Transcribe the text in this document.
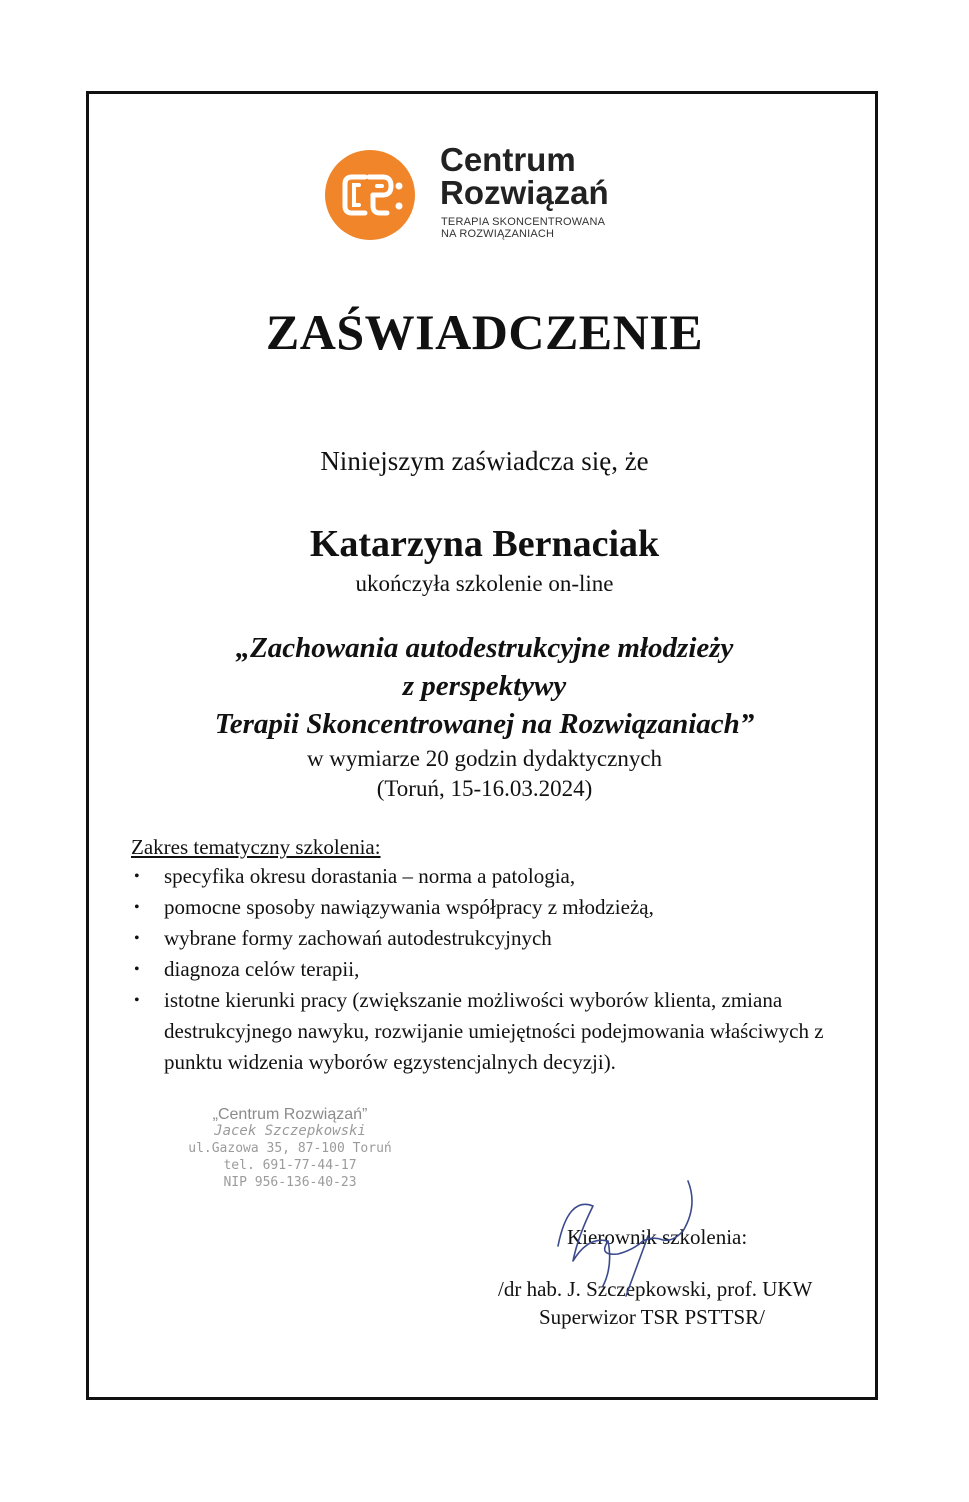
Centrum
Rozwiązań
TERAPIA SKONCENTROWANA
NA ROZWIĄZANIACH
ZAŚWIADCZENIE
Niniejszym zaświadcza się, że
Katarzyna Bernaciak
ukończyła szkolenie on-line
„Zachowania autodestrukcyjne młodzieży
z perspektywy
Terapii Skoncentrowanej na Rozwiązaniach”
w wymiarze 20 godzin dydaktycznych
(Toruń, 15-16.03.2024)
Zakres tematyczny szkolenia:
• specyfika okresu dorastania – norma a patologia,
• pomocne sposoby nawiązywania współpracy z młodzieżą,
• wybrane formy zachowań autodestrukcyjnych
• diagnoza celów terapii,
• istotne kierunki pracy (zwiększanie możliwości wyborów klienta, zmiana destrukcyjnego nawyku, rozwijanie umiejętności podejmowania właściwych z punktu widzenia wyborów egzystencjalnych decyzji).
„Centrum Rozwiązań”
Jacek Szczepkowski
ul.Gazowa 35, 87-100 Toruń
tel. 691-77-44-17
NIP 956-136-40-23
Kierownik szkolenia:
/dr hab. J. Szczepkowski, prof. UKW
Superwizor TSR PSTTSR/
